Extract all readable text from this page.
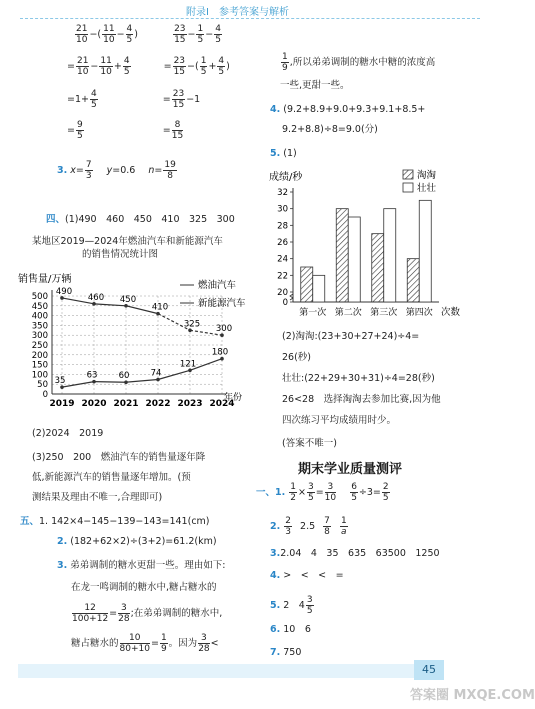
附录Ⅰ　参考答案与解析
$\frac{21}{10}$ −( $\frac{11}{10} - \frac{4}{5}$ )	$\frac{23}{15} - \frac{1}{5} - \frac{4}{5}$
= $\frac{21}{10} - \frac{11}{10} + \frac{4}{5}$	= $\frac{23}{15}$ −( $\frac{1}{5} + \frac{4}{5}$ )
$=1+ \frac{4}{5}$	= $\frac{23}{15} -1$
= $\frac{9}{5}$	= $\frac{8}{15}$
3. $x= \frac{7}{3} y=0.6$ $n= \frac{19}{8}$
四、(1)490　460　450　410　325　300
某地区2019—2024年燃油汽车和新能源汽车
的销售情况统计图
0
50
100
150
200
250
300
350
400
450
500
2019 2020 2021 2022 2023 2024
490
460 450
410
325 300
35
63 60 74
121
180
销售量/万辆
年份
燃油汽车
新能源汽车
(2)2024　2019
(3)250　200　燃油汽车的销售量逐年降
低,新能源汽车的销售量逐年增加。(预
测结果及理由不唯一,合理即可)
五、1. 142×4−145−139−143=141(cm)
2. (182+62×2)÷(3+2)=61.2(km)
3. 弟弟调制的糖水更甜一些。理由如下:
在龙一鸣调制的糖水中,糖占糖水的
$\frac{12}{100+12} = \frac{3}{28}$ ;在弟弟调制的糖水中,
糖占糖水的 $\frac{10}{80+10} = \frac{1}{9}$ 。因为 $\frac{3}{28}$ <
$\frac{1}{9}$ ,所以弟弟调制的糖水中糖的浓度高
一些,更甜一些。
4. (9.2+8.9+9.0+9.3+9.1+8.5+
9.2+8.8)÷8=9.0(分)
5. (1)
成绩/秒
次数
淘淘
壮壮
0
20
22
24
26
28
30
32
第一次 第二次 第三次 第四次
(2)淘淘:(23+30+27+24)÷4=
26(秒)
壮壮:(22+29+30+31)÷4=28(秒)
26<28　选择淘淘去参加比赛,因为他
四次练习平均成绩用时少。
(答案不唯一)
期末学业质量测评
一、1. $\frac{1}{2} \times \frac{3}{5} = \frac{3}{10}$
$\frac{6}{5} \div 3= \frac{2}{5}$
2. $\frac{2}{3} 2.5 \frac{7}{8}$
$\frac{1}{a}$
3.2.04　4　35　635　63500　1250
4. >　<　<　=
5. 2　$4 \frac{3}{5}$
6. 10　6
7. 750
45
答案圈 MXQE.COM
